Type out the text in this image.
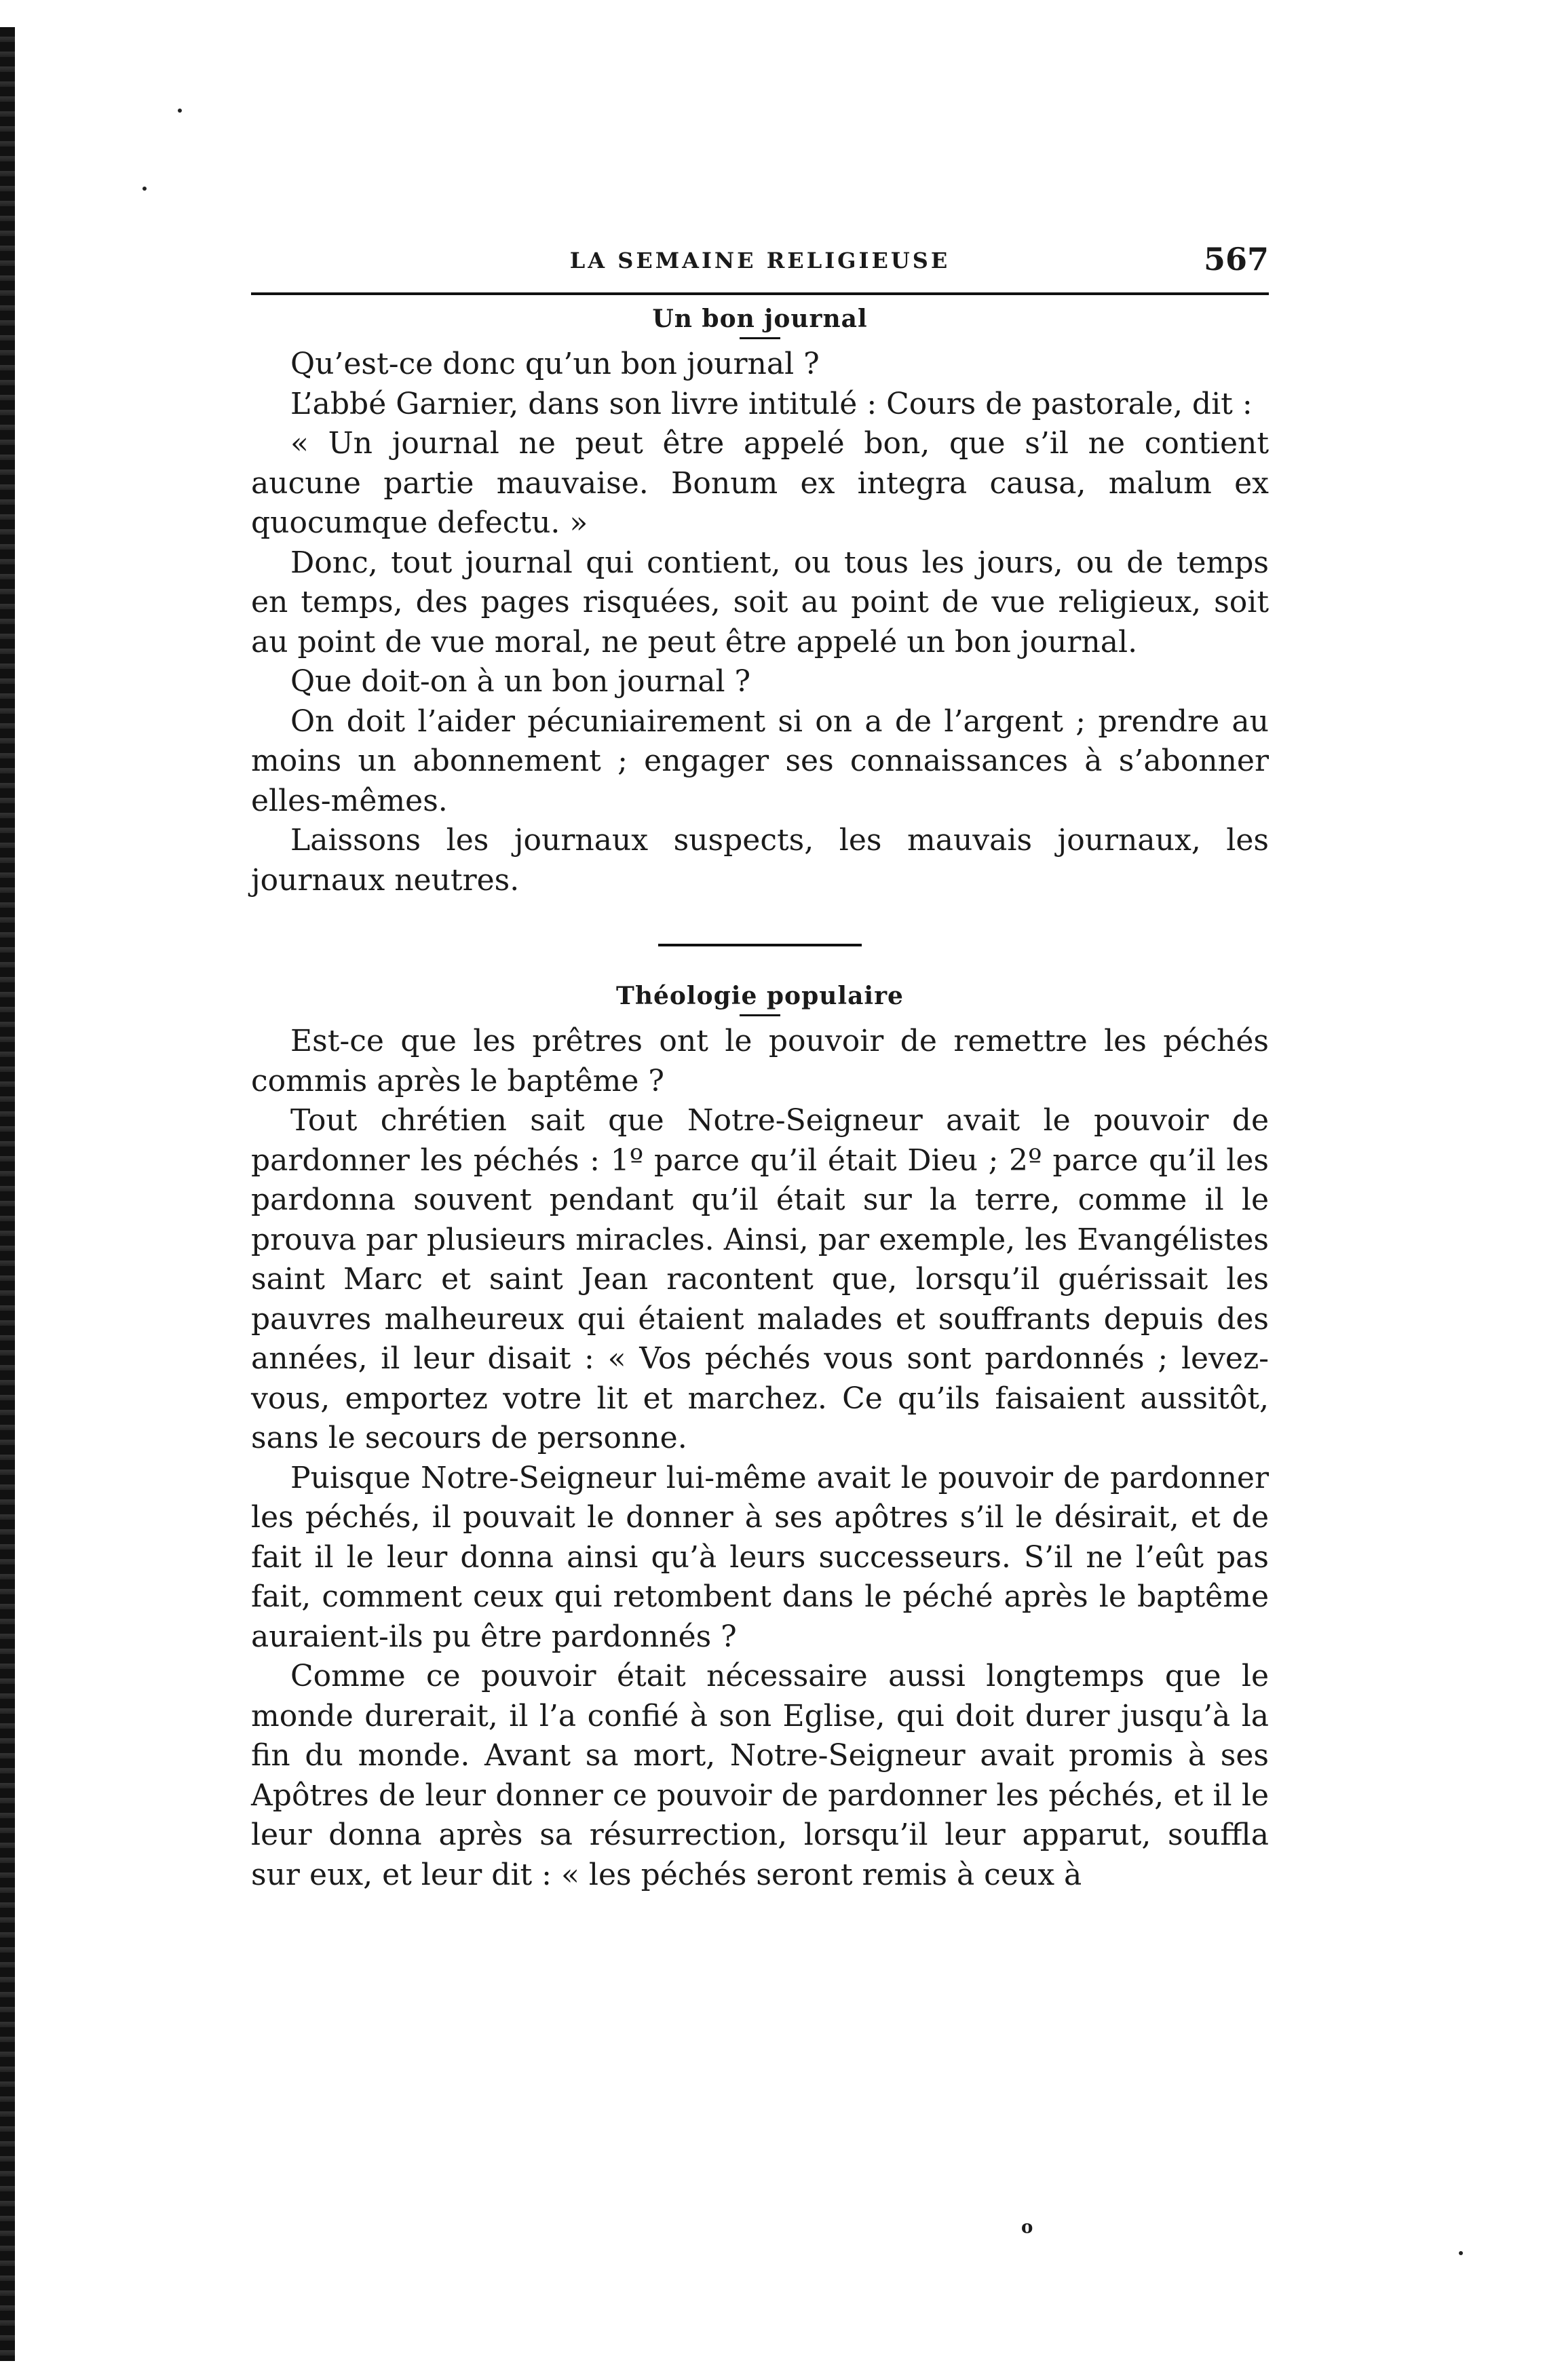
LA SEMAINE RELIGIEUSE	567
Un bon journal

Qu’est-ce donc qu’un bon journal ?

L’abbé Garnier, dans son livre intitulé : Cours de pastorale, dit :

« Un journal ne peut être appelé bon, que s’il ne contient aucune partie mauvaise. Bonum ex integra causa, malum ex quocumque defectu. »

Donc, tout journal qui contient, ou tous les jours, ou de temps en temps, des pages risquées, soit au point de vue religieux, soit au point de vue moral, ne peut être appelé un bon journal.

Que doit-on à un bon journal ?

On doit l’aider pécuniairement si on a de l’argent ; prendre au moins un abonnement ; engager ses connaissances à s’abonner elles-mêmes.

Laissons les journaux suspects, les mauvais journaux, les journaux neutres.

Théologie populaire

Est-ce que les prêtres ont le pouvoir de remettre les péchés commis après le baptême ?

Tout chrétien sait que Notre-Seigneur avait le pouvoir de pardonner les péchés : 1º parce qu’il était Dieu ; 2º parce qu’il les pardonna souvent pendant qu’il était sur la terre, comme il le prouva par plusieurs miracles. Ainsi, par exemple, les Evangélistes saint Marc et saint Jean racontent que, lorsqu’il guérissait les pauvres malheureux qui étaient malades et souffrants depuis des années, il leur disait : « Vos péchés vous sont pardonnés ; levez-vous, emportez votre lit et marchez. Ce qu’ils faisaient aussitôt, sans le secours de personne.

Puisque Notre-Seigneur lui-même avait le pouvoir de pardonner les péchés, il pouvait le donner à ses apôtres s’il le désirait, et de fait il le leur donna ainsi qu’à leurs successeurs. S’il ne l’eût pas fait, comment ceux qui retombent dans le péché après le baptême auraient-ils pu être pardonnés ?

Comme ce pouvoir était nécessaire aussi longtemps que le monde durerait, il l’a confié à son Eglise, qui doit durer jusqu’à la fin du monde. Avant sa mort, Notre-Seigneur avait promis à ses Apôtres de leur donner ce pouvoir de pardonner les péchés, et il le leur donna après sa résurrection, lorsqu’il leur apparut, souffla sur eux, et leur dit : « les péchés seront remis à ceux à

o
